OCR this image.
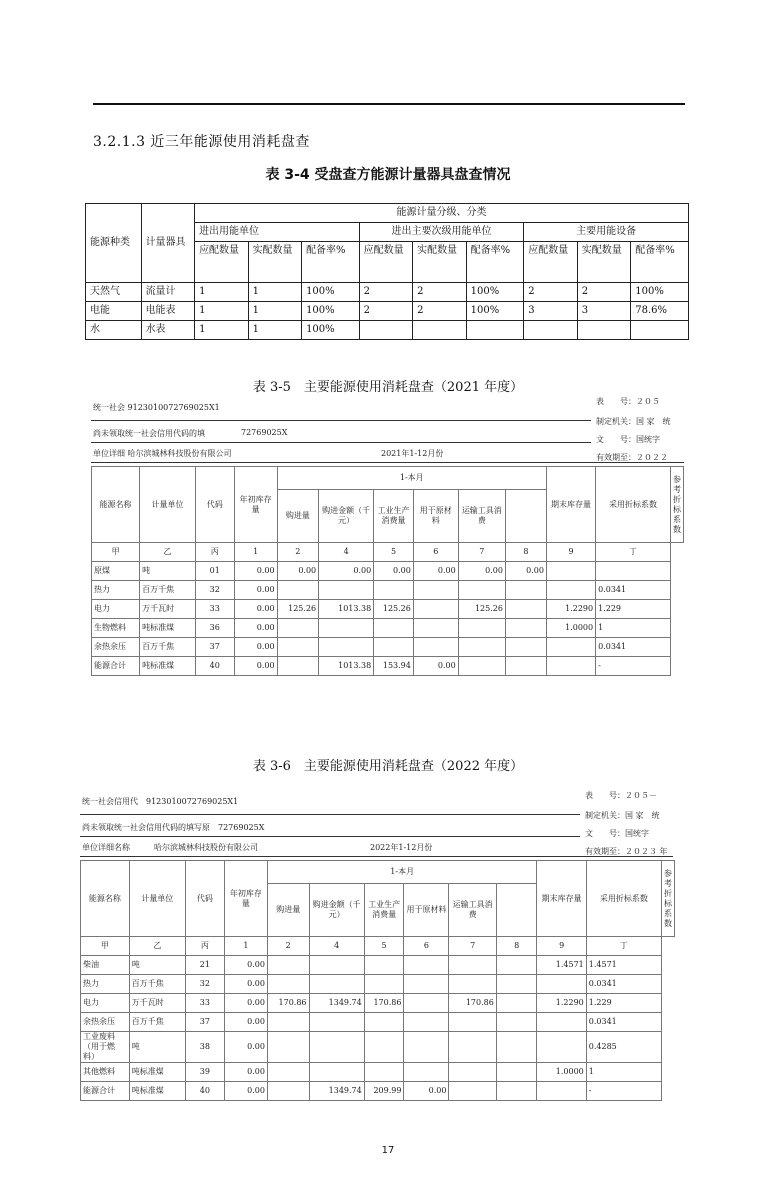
3.2.1.3 近三年能源使用消耗盘查
表 3-4 受盘查方能源计量器具盘查情况
能源种类	计量器具	能源计量分级、分类								
		进出用能单位			进出主要次级用能单位			主要用能设备		
		应配数量	实配数量	配备率%	应配数量	实配数量	配备率%	应配数量	实配数量	配备率%
天然气	流量计	1	1	100%	2	2	100%	2	2	100%
电能	电能表	1	1	100%	2	2	100%	3	3	78.6%
水	水表	1	1	100%						
表 3-5　主要能源使用消耗盘查（2021 年度）
统一社会 91230100727690​25X1
表　　号：２０５
制定机关：国 家　统
尚未领取统一社会信用代码的填	72769025X
文　　号：国统字
单位详细 哈尔滨城林科技股份有限公司	2021年1-12月份	有效期至：２０２２
能源名称	计量单位	代码	年初库存量	1-本月						期末库存量	采用折标系数	参考折标系数
				购进量	购进金额（千元）	工业生产消费量	用于原材料	运输工具消费				
甲	乙	丙	1	2	4	5	6	7	8	9	丁	
原煤	吨	01	0.00	0.00	0.00	0.00	0.00	0.00	0.00			
热力	百万千焦	32	0.00								0.0341	
电力	万千瓦时	33	0.00	125.26	1013.38	125.26		125.26		1.2290	1.229	
生物燃料	吨标准煤	36	0.00							1.0000	1	
余热余压	百万千焦	37	0.00								0.0341	
能源合计	吨标准煤	40	0.00		1013.38	153.94	0.00				-	
表 3-6　主要能源使用消耗盘查（2022 年度）
统一社会信用代　912301007276902​5X1
表　　号：２０５－
制定机关：国 家　统
尚未领取统一社会信用代码的填写原　72769025X
文　　号：国统字
单位详细名称　　　哈尔滨城林科技股份有限公司	2022年1-12月份	有效期至：２０２３ 年
能源名称	计量单位	代码	年初库存量	1-本月						期末库存量	采用折标系数	参考折标系数
				购进量	购进金额（千元）	工业生产消费量	用于原材料	运输工具消费				
甲	乙	丙	1	2	4	5	6	7	8	9	丁	
柴油	吨	21	0.00							1.4571	1.4571	
热力	百万千焦	32	0.00								0.0341	
电力	万千瓦时	33	0.00	170.86	1349.74	170.86		170.86		1.2290	1.229	
余热余压	百万千焦	37	0.00								0.0341	
工业废料（用于燃料）	吨	38	0.00								0.4285	
其他燃料	吨标准煤	39	0.00							1.0000	1	
能源合计	吨标准煤	40	0.00		1349.74	209.99	0.00				-	
17
